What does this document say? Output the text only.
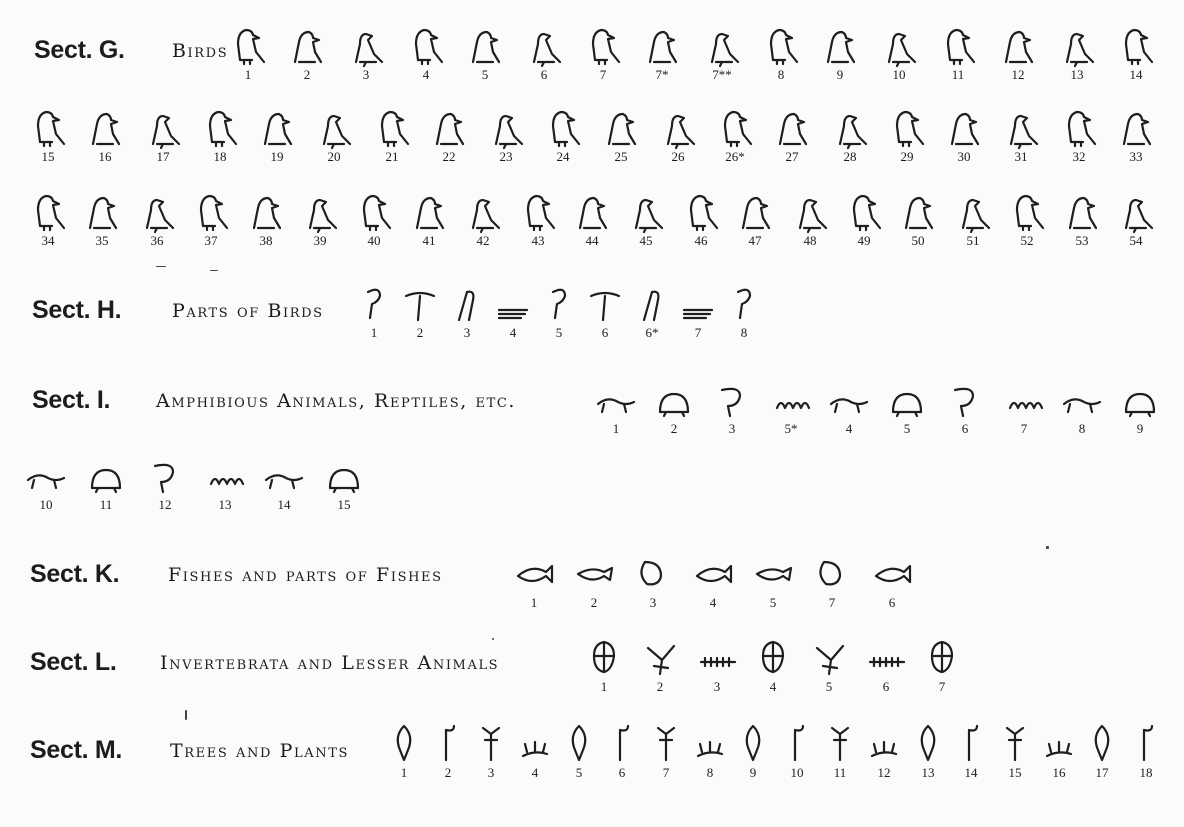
Sect. G. Birds
1	2	3	4	5	6	7	7*	7**	8	9	10	11	12	13	14
15	16	17	18	19	20	21	22	23	24	25	26	26*	27	28	29	30	31	32	33
34	35	36	37	38	39	40	41	42	43	44	45	46	47	48	49	50	51	52	53	54
Sect. H.	Parts of Birds
1	2	3	4	5	6	6*	7	8
Sect. I. Amphibious Animals, Reptiles, etc.
1	2	3	5*	4	5	6	7	8	9
10	11	12	13	14	15
Sect. K.	Fishes and parts of Fishes
1	2	3	4	5	7	6
Sect. L. Invertebrata and Lesser Animals
1	2	3	4	5	6	7
Sect. M.	Trees and Plants
1	2	3	4	5	6	7	8	9	10	11	12	13	14	15	16	17	18
